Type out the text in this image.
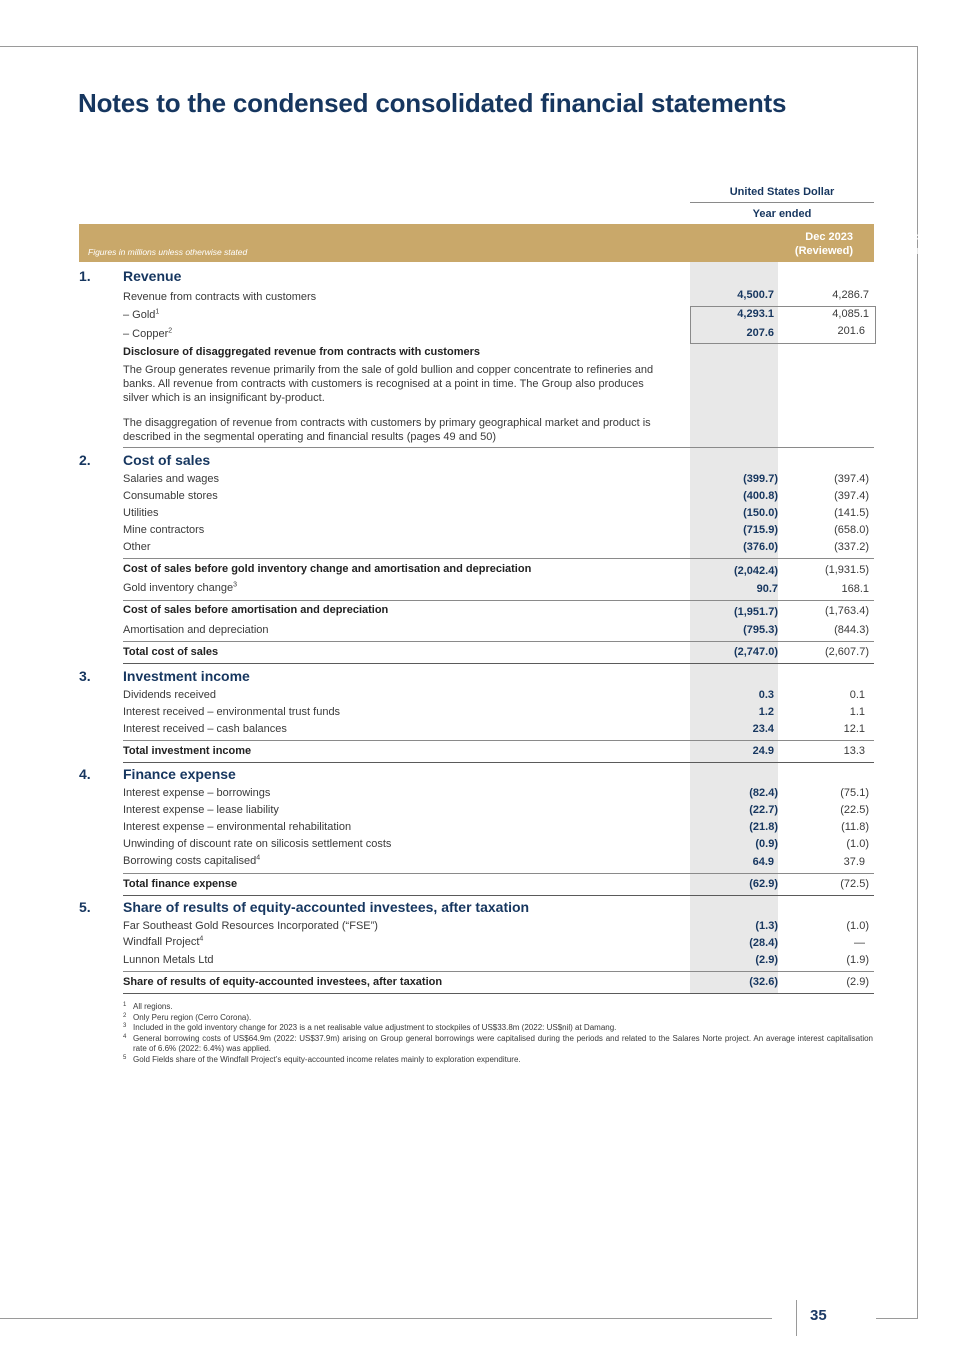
35
Notes to the condensed consolidated financial statements
United States Dollar
Year ended
Figures in millions unless otherwise stated
Dec 2023
(Reviewed)
Dec 2022
(Audited)
1. Revenue
Revenue from contracts with customers	4,500.7	4,286.7
– Gold$^1$	4,293.1	4,085.1
– Copper$^2$	207.6	201.6
Disclosure of disaggregated revenue from contracts with customers
The Group generates revenue primarily from the sale of gold bullion and copper concentrate to refineries and banks. All revenue from contracts with customers is recognised at a point in time. The Group also produces silver which is an insignificant by-product.
The disaggregation of revenue from contracts with customers by primary geographical market and product is described in the segmental operating and financial results (pages 49 and 50)
2. Cost of sales
Salaries and wages	(399.7)	(397.4)
Consumable stores	(400.8)	(397.4)
Utilities	(150.0)	(141.5)
Mine contractors	(715.9)	(658.0)
Other	(376.0)	(337.2)
Cost of sales before gold inventory change and amortisation and depreciation	(2,042.4)	(1,931.5)
Gold inventory change$^3$	90.7	168.1
Cost of sales before amortisation and depreciation	(1,951.7)	(1,763.4)
Amortisation and depreciation	(795.3)	(844.3)
Total cost of sales	(2,747.0)	(2,607.7)
3. Investment income
Dividends received	0.3	0.1
Interest received – environmental trust funds	1.2	1.1
Interest received – cash balances	23.4	12.1
Total investment income	24.9	13.3
4. Finance expense
Interest expense – borrowings	(82.4)	(75.1)
Interest expense – lease liability	(22.7)	(22.5)
Interest expense – environmental rehabilitation	(21.8)	(11.8)
Unwinding of discount rate on silicosis settlement costs	(0.9)	(1.0)
Borrowing costs capitalised$^4$	64.9	37.9
Total finance expense	(62.9)	(72.5)
5. Share of results of equity-accounted investees, after taxation
Far Southeast Gold Resources Incorporated (“FSE”)	(1.3)	(1.0)
Windfall Project$^4$	(28.4)	—
Lunnon Metals Ltd	(2.9)	(1.9)
Share of results of equity-accounted investees, after taxation	(32.6)	(2.9)
1 All regions.
2 Only Peru region (Cerro Corona).
3 Included in the gold inventory change for 2023 is a net realisable value adjustment to stockpiles of US$33.8m (2022: US$nil) at Damang.
4 General borrowing costs of US$64.9m (2022: US$37.9m) arising on Group general borrowings were capitalised during the periods and related to the Salares Norte project. An average interest capitalisation rate of 6.6% (2022: 6.4%) was applied.
5 Gold Fields share of the Windfall Project’s equity-accounted income relates mainly to exploration expenditure.
